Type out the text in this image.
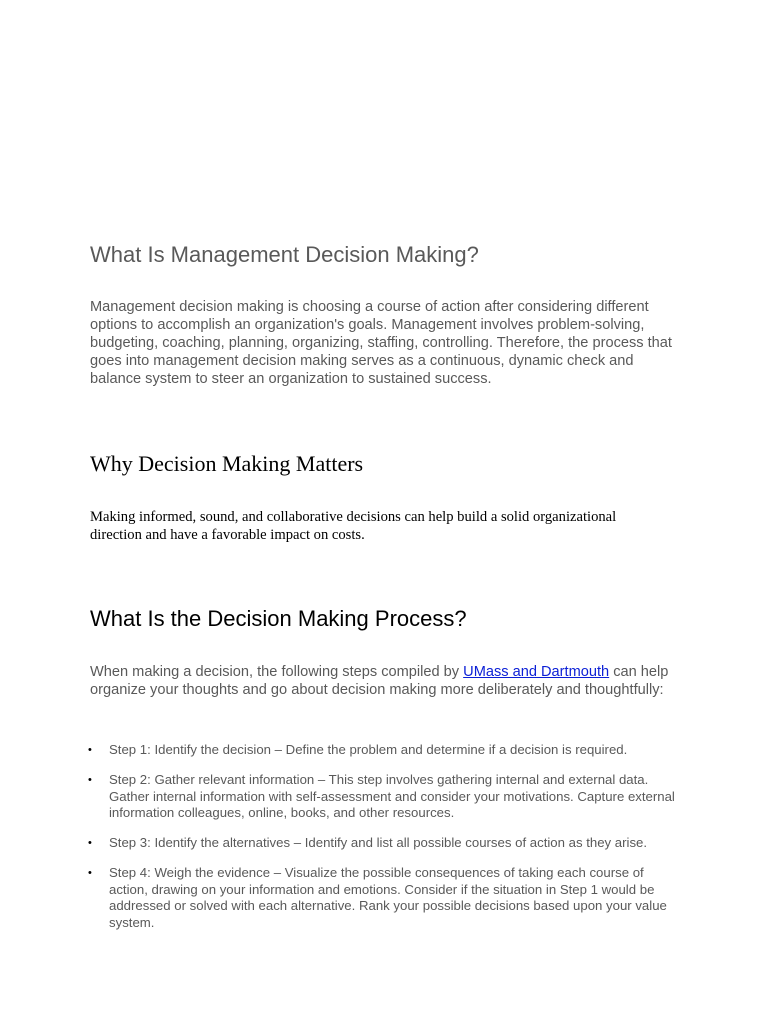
What Is Management Decision Making?

Management decision making is choosing a course of action after considering different options to accomplish an organization's goals. Management involves problem-solving, budgeting, coaching, planning, organizing, staffing, controlling. Therefore, the process that goes into management decision making serves as a continuous, dynamic check and balance system to steer an organization to sustained success.

Why Decision Making Matters

Making informed, sound, and collaborative decisions can help build a solid organizational direction and have a favorable impact on costs.

What Is the Decision Making Process?

When making a decision, the following steps compiled by UMass and Dartmouth can help organize your thoughts and go about decision making more deliberately and thoughtfully:

• Step 1: Identify the decision – Define the problem and determine if a decision is required.
• Step 2: Gather relevant information – This step involves gathering internal and external data. Gather internal information with self-assessment and consider your motivations. Capture external information colleagues, online, books, and other resources.
• Step 3: Identify the alternatives – Identify and list all possible courses of action as they arise.
• Step 4: Weigh the evidence – Visualize the possible consequences of taking each course of action, drawing on your information and emotions. Consider if the situation in Step 1 would be addressed or solved with each alternative. Rank your possible decisions based upon your value system.
